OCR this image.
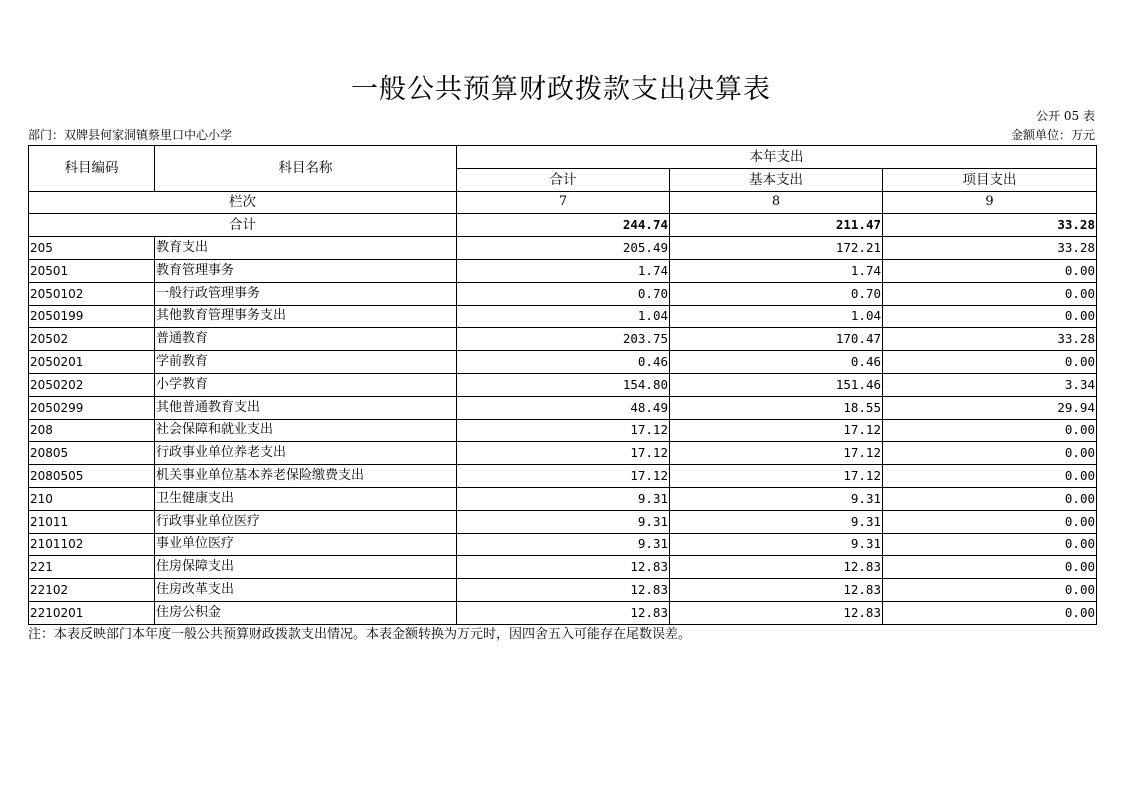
一般公共预算财政拨款支出决算表
公开 05 表
部门：双牌县何家洞镇蔡里口中心小学	金额单位：万元
科目编码	科目名称	本年支出		
		合计	基本支出	项目支出
栏次		7	8	9
合计		244.74	211.47	33.28
205	教育支出	205.49	172.21	33.28
20501	教育管理事务	1.74	1.74	0.00
2050102	一般行政管理事务	0.70	0.70	0.00
2050199	其他教育管理事务支出	1.04	1.04	0.00
20502	普通教育	203.75	170.47	33.28
2050201	学前教育	0.46	0.46	0.00
2050202	小学教育	154.80	151.46	3.34
2050299	其他普通教育支出	48.49	18.55	29.94
208	社会保障和就业支出	17.12	17.12	0.00
20805	行政事业单位养老支出	17.12	17.12	0.00
2080505	机关事业单位基本养老保险缴费支出	17.12	17.12	0.00
210	卫生健康支出	9.31	9.31	0.00
21011	行政事业单位医疗	9.31	9.31	0.00
2101102	事业单位医疗	9.31	9.31	0.00
221	住房保障支出	12.83	12.83	0.00
22102	住房改革支出	12.83	12.83	0.00
2210201	住房公积金	12.83	12.83	0.00
注：本表反映部门本年度一般公共预算财政拨款支出情况。本表金额转换为万元时，因四舍五入可能存在尾数误差。
